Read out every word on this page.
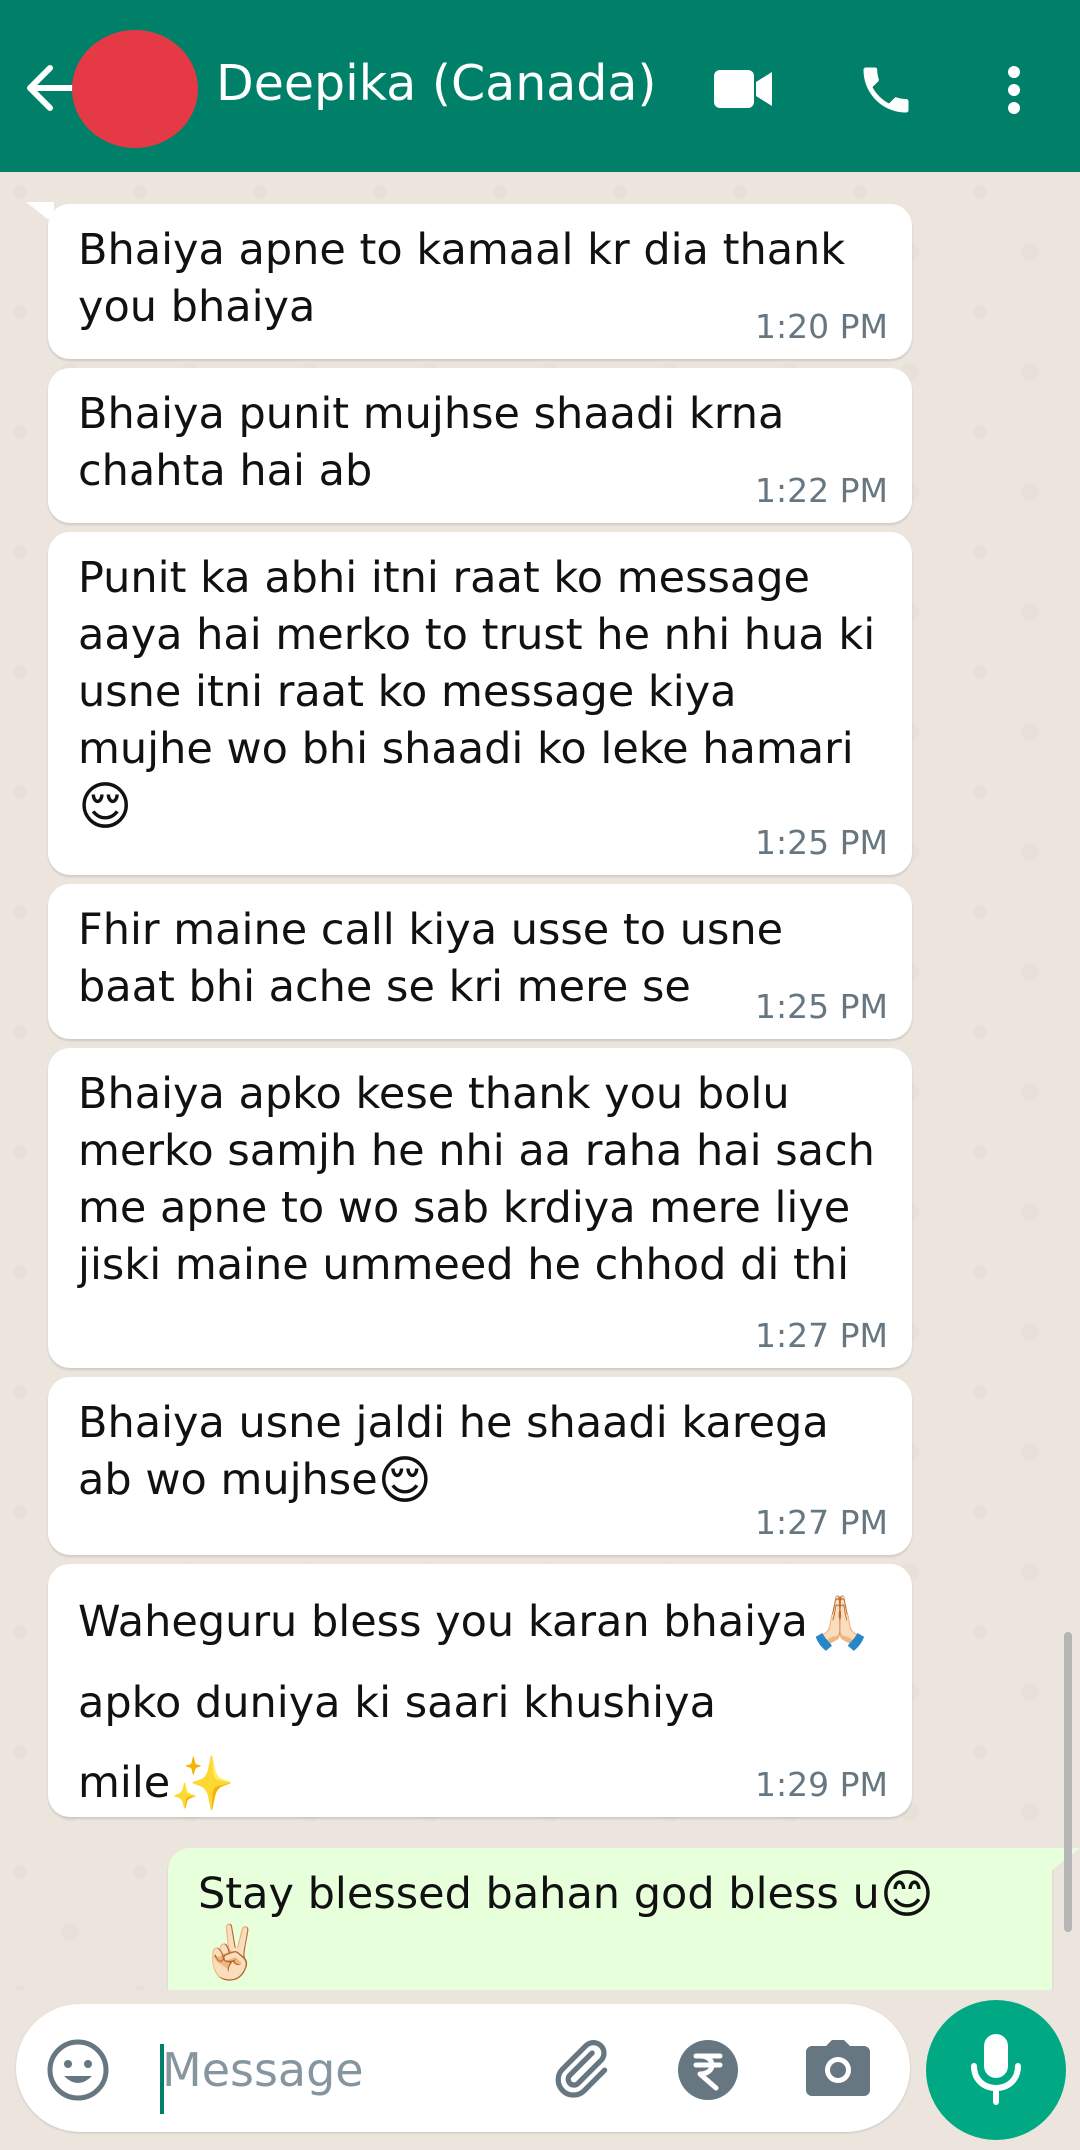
Deepika (Canada)
Bhaiya apne to kamaal kr dia thank you bhaiya	1:20 PM
Bhaiya punit mujhse shaadi krna chahta hai ab	1:22 PM
Punit ka abhi itni raat ko message aaya hai merko to trust he nhi hua ki usne itni raat ko message kiya mujhe wo bhi shaadi ko leke hamari😌
1:25 PM
Fhir maine call kiya usse to usne baat bhi ache se kri mere se	1:25 PM
Bhaiya apko kese thank you bolu merko samjh he nhi aa raha hai sach me apne to wo sab krdiya mere liye jiski maine ummeed he chhod di thi
1:27 PM
Bhaiya usne jaldi he shaadi karega ab wo mujhse😌
1:27 PM
Waheguru bless you karan bhaiya🙏🏻
apko duniya ki saari khushiya mile✨	1:29 PM
Stay blessed bahan god bless u😊
✌🏻
Message
